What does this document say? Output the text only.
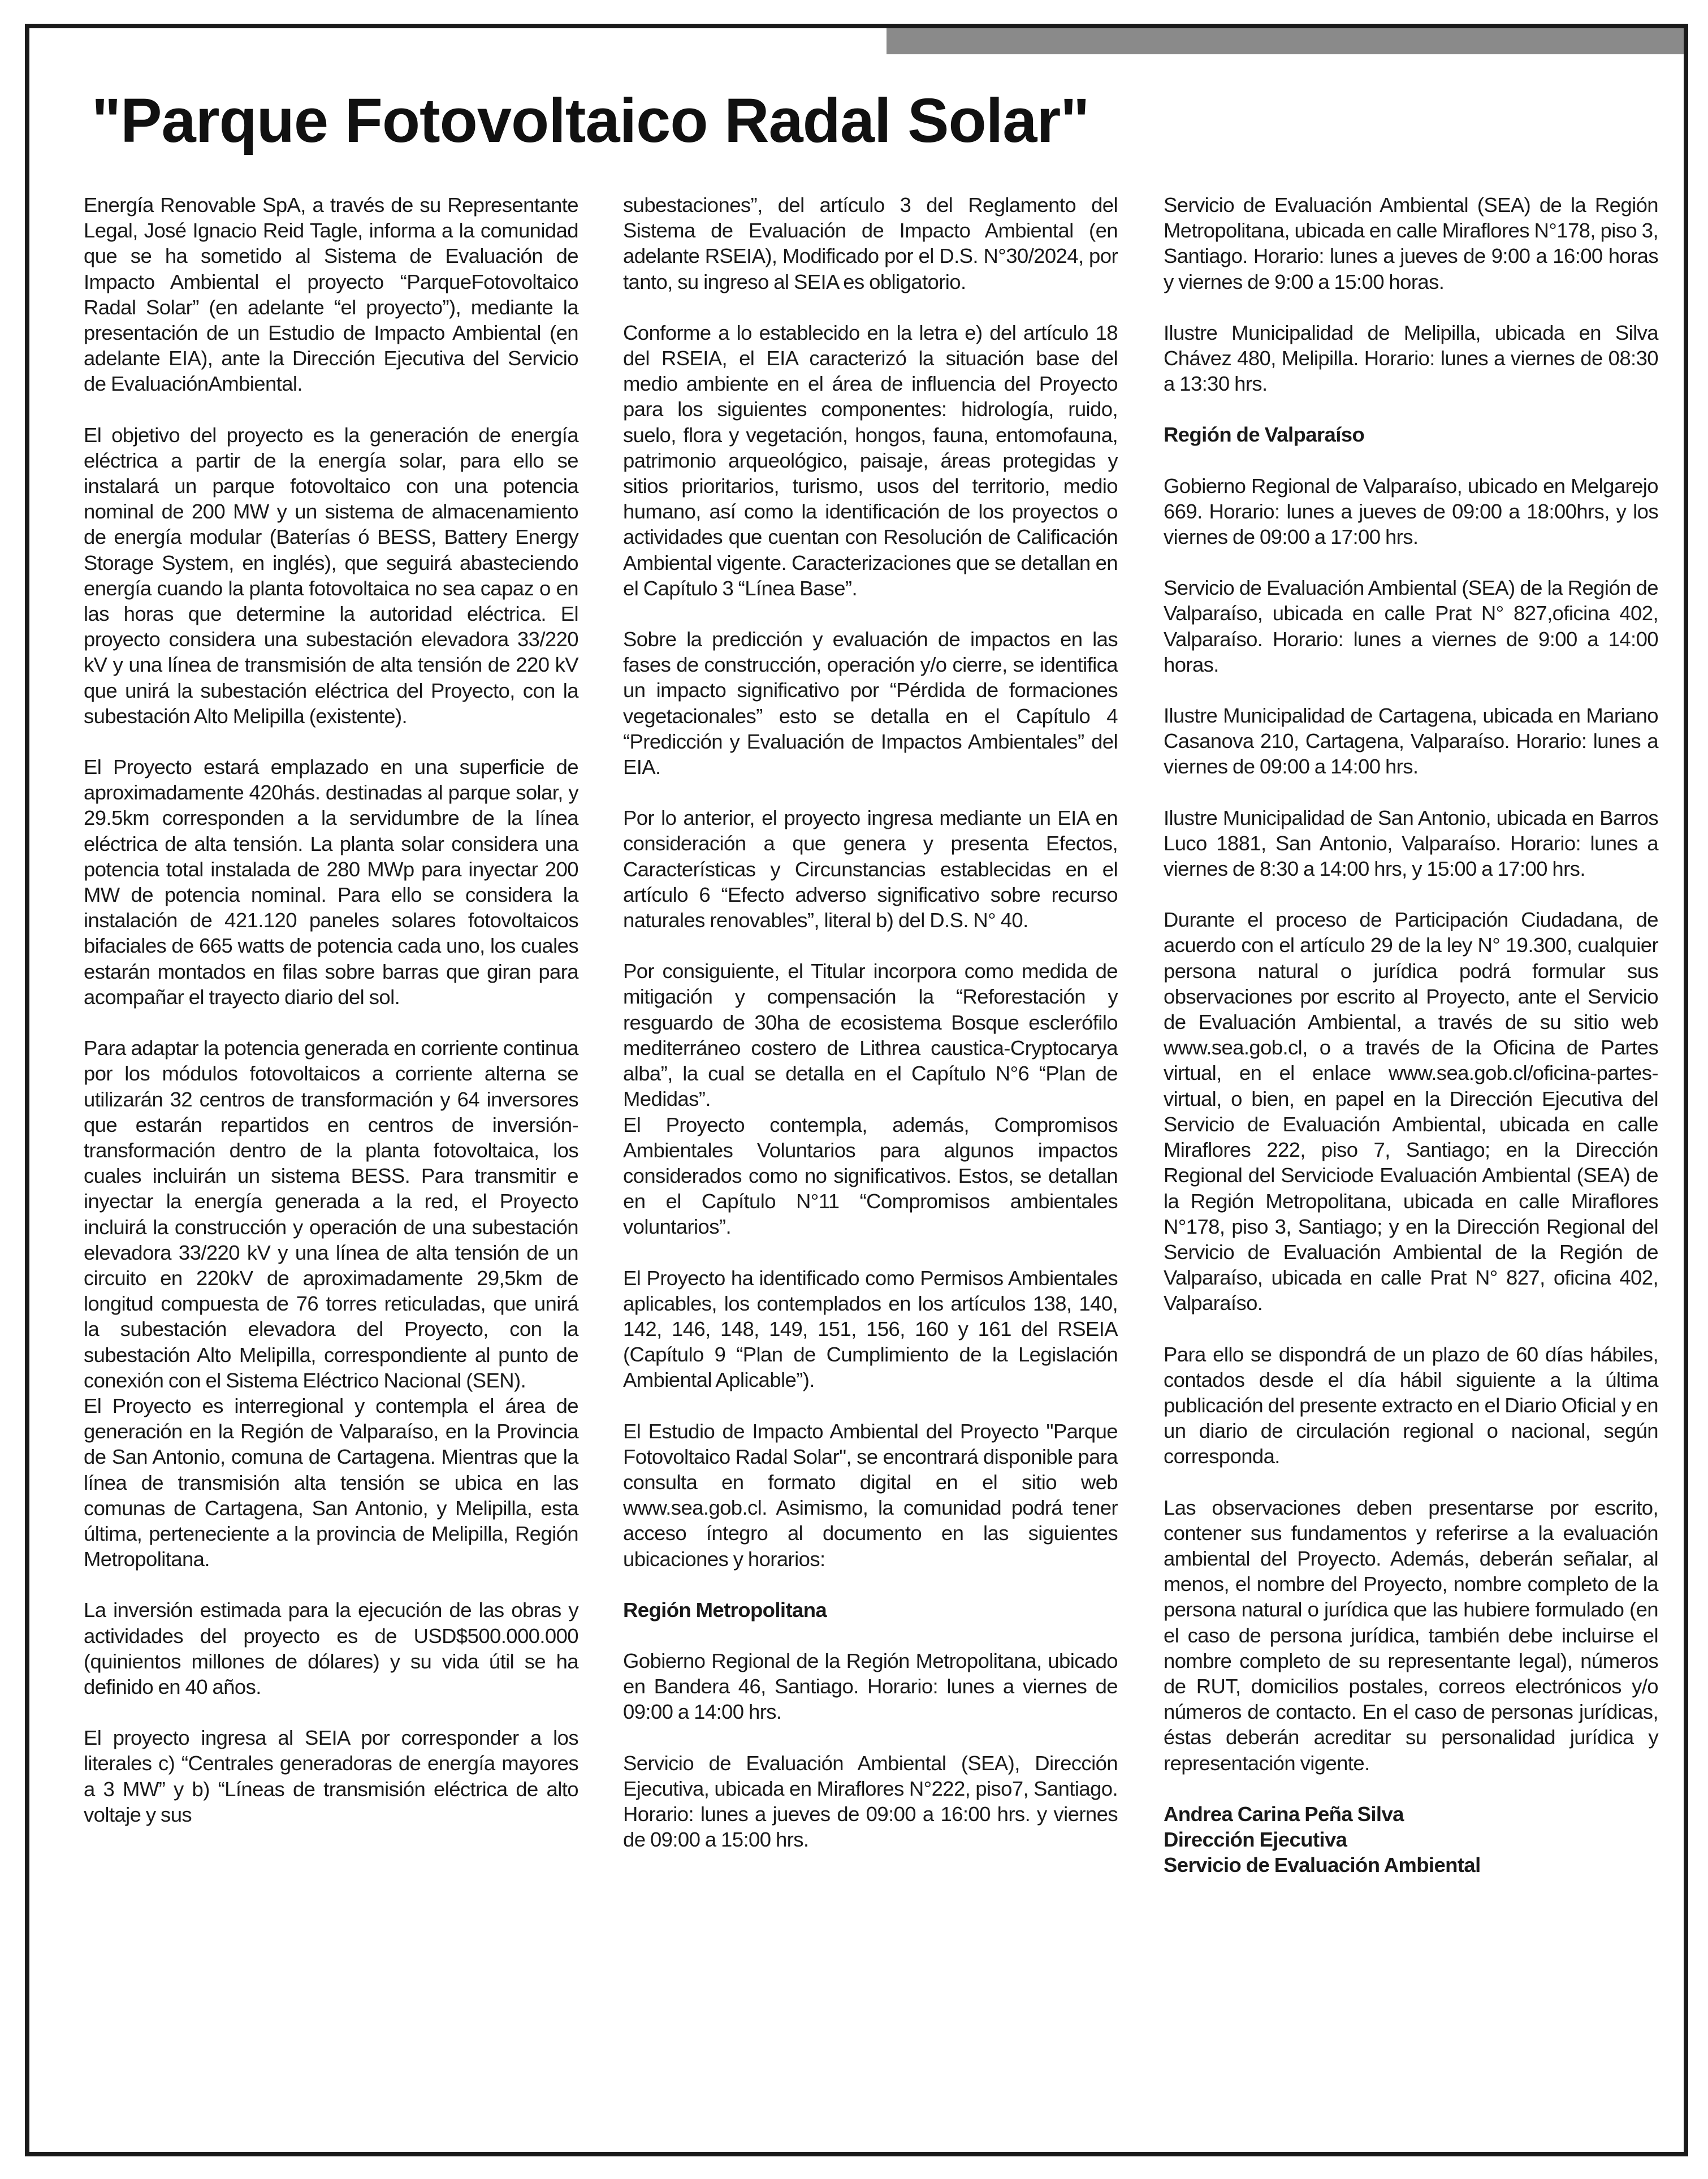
"Parque Fotovoltaico Radal Solar"

Energía Renovable SpA, a través de su Representante Legal, José Ignacio Reid Tagle, informa a la comunidad que se ha sometido al Sistema de Evaluación de Impacto Ambiental el proyecto “ParqueFotovoltaico Radal Solar” (en adelante “el proyecto”), mediante la presentación de un Estudio de Impacto Ambiental (en adelante EIA), ante la Dirección Ejecutiva del Servicio de EvaluaciónAmbiental.

El objetivo del proyecto es la generación de energía eléctrica a partir de la energía solar, para ello se instalará un parque fotovoltaico con una potencia nominal de 200 MW y un sistema de almacenamiento de energía modular (Baterías ó BESS, Battery Energy Storage System, en inglés), que seguirá abasteciendo energía cuando la planta fotovoltaica no sea capaz o en las horas que determine la autoridad eléctrica. El proyecto considera una subestación elevadora 33/220 kV y una línea de transmisión de alta tensión de 220 kV que unirá la subestación eléctrica del Proyecto, con la subestación Alto Melipilla (existente).

El Proyecto estará emplazado en una superficie de aproximadamente 420hás. destinadas al parque solar, y 29.5km corresponden a la servidumbre de la línea eléctrica de alta tensión. La planta solar considera una potencia total instalada de 280 MWp para inyectar 200 MW de potencia nominal. Para ello se considera la instalación de 421.120 paneles solares fotovoltaicos bifaciales de 665 watts de potencia cada uno, los cuales estarán montados en filas sobre barras que giran para acompañar el trayecto diario del sol.

Para adaptar la potencia generada en corriente continua por los módulos fotovoltaicos a corriente alterna se utilizarán 32 centros de transformación y 64 inversores que estarán repartidos en centros de inversión-transformación dentro de la planta fotovoltaica, los cuales incluirán un sistema BESS. Para transmitir e inyectar la energía generada a la red, el Proyecto incluirá la construcción y operación de una subestación elevadora 33/220 kV y una línea de alta tensión de un circuito en 220kV de aproximadamente 29,5km de longitud compuesta de 76 torres reticuladas, que unirá la subestación elevadora del Proyecto, con la subestación Alto Melipilla, correspondiente al punto de conexión con el Sistema Eléctrico Nacional (SEN).

El Proyecto es interregional y contempla el área de generación en la Región de Valparaíso, en la Provincia de San Antonio, comuna de Cartagena. Mientras que la línea de transmisión alta tensión se ubica en las comunas de Cartagena, San Antonio, y Melipilla, esta última, perteneciente a la provincia de Melipilla, Región Metropolitana.

La inversión estimada para la ejecución de las obras y actividades del proyecto es de USD$500.000.000 (quinientos millones de dólares) y su vida útil se ha definido en 40 años.

El proyecto ingresa al SEIA por corresponder a los literales c) “Centrales generadoras de energía mayores a 3 MW” y b) “Líneas de transmisión eléctrica de alto voltaje y sus

subestaciones”, del artículo 3 del Reglamento del Sistema de Evaluación de Impacto Ambiental (en adelante RSEIA), Modificado por el D.S. N°30/2024, por tanto, su ingreso al SEIA es obligatorio.

Conforme a lo establecido en la letra e) del artículo 18 del RSEIA, el EIA caracterizó la situación base del medio ambiente en el área de influencia del Proyecto para los siguientes componentes: hidrología, ruido, suelo, flora y vegetación, hongos, fauna, entomofauna, patrimonio arqueológico, paisaje, áreas protegidas y sitios prioritarios, turismo, usos del territorio, medio humano, así como la identificación de los proyectos o actividades que cuentan con Resolución de Calificación Ambiental vigente. Caracterizaciones que se detallan en el Capítulo 3 “Línea Base”.

Sobre la predicción y evaluación de impactos en las fases de construcción, operación y/o cierre, se identifica un impacto significativo por “Pérdida de formaciones vegetacionales” esto se detalla en el Capítulo 4 “Predicción y Evaluación de Impactos Ambientales” del EIA.

Por lo anterior, el proyecto ingresa mediante un EIA en consideración a que genera y presenta Efectos, Características y Circunstancias establecidas en el artículo 6 “Efecto adverso significativo sobre recurso naturales renovables”, literal b) del D.S. N° 40.

Por consiguiente, el Titular incorpora como medida de mitigación y compensación la “Reforestación y resguardo de 30ha de ecosistema Bosque esclerófilo mediterráneo costero de Lithrea caustica-Cryptocarya alba”, la cual se detalla en el Capítulo N°6 “Plan de Medidas”.

El Proyecto contempla, además, Compromisos Ambientales Voluntarios para algunos impactos considerados como no significativos. Estos, se detallan en el Capítulo N°11 “Compromisos ambientales voluntarios”.

El Proyecto ha identificado como Permisos Ambientales aplicables, los contemplados en los artículos 138, 140, 142, 146, 148, 149, 151, 156, 160 y 161 del RSEIA (Capítulo 9 “Plan de Cumplimiento de la Legislación Ambiental Aplicable”).

El Estudio de Impacto Ambiental del Proyecto "Parque Fotovoltaico Radal Solar", se encontrará disponible para consulta en formato digital en el sitio web www.sea.gob.cl. Asimismo, la comunidad podrá tener acceso íntegro al documento en las siguientes ubicaciones y horarios:

Región Metropolitana

Gobierno Regional de la Región Metropolitana, ubicado en Bandera 46, Santiago. Horario: lunes a viernes de 09:00 a 14:00 hrs.

Servicio de Evaluación Ambiental (SEA), Dirección Ejecutiva, ubicada en Miraflores N°222, piso7, Santiago. Horario: lunes a jueves de 09:00 a 16:00 hrs. y viernes de 09:00 a 15:00 hrs.

Servicio de Evaluación Ambiental (SEA) de la Región Metropolitana, ubicada en calle Miraflores N°178, piso 3, Santiago. Horario: lunes a jueves de 9:00 a 16:00 horas y viernes de 9:00 a 15:00 horas.

Ilustre Municipalidad de Melipilla, ubicada en Silva Chávez 480, Melipilla. Horario: lunes a viernes de 08:30 a 13:30 hrs.

Región de Valparaíso

Gobierno Regional de Valparaíso, ubicado en Melgarejo 669. Horario: lunes a jueves de 09:00 a 18:00hrs, y los viernes de 09:00 a 17:00 hrs.

Servicio de Evaluación Ambiental (SEA) de la Región de Valparaíso, ubicada en calle Prat N° 827,oficina 402, Valparaíso. Horario: lunes a viernes de 9:00 a 14:00 horas.

Ilustre Municipalidad de Cartagena, ubicada en Mariano Casanova 210, Cartagena, Valparaíso. Horario: lunes a viernes de 09:00 a 14:00 hrs.

Ilustre Municipalidad de San Antonio, ubicada en Barros Luco 1881, San Antonio, Valparaíso. Horario: lunes a viernes de 8:30 a 14:00 hrs, y 15:00 a 17:00 hrs.

Durante el proceso de Participación Ciudadana, de acuerdo con el artículo 29 de la ley N° 19.300, cualquier persona natural o jurídica podrá formular sus observaciones por escrito al Proyecto, ante el Servicio de Evaluación Ambiental, a través de su sitio web www.sea.gob.cl, o a través de la Oficina de Partes virtual, en el enlace www.sea.gob.cl/oficina-partes-virtual, o bien, en papel en la Dirección Ejecutiva del Servicio de Evaluación Ambiental, ubicada en calle Miraflores 222, piso 7, Santiago; en la Dirección Regional del Serviciode Evaluación Ambiental (SEA) de la Región Metropolitana, ubicada en calle Miraflores N°178, piso 3, Santiago; y en la Dirección Regional del Servicio de Evaluación Ambiental de la Región de Valparaíso, ubicada en calle Prat N° 827, oficina 402, Valparaíso.

Para ello se dispondrá de un plazo de 60 días hábiles, contados desde el día hábil siguiente a la última publicación del presente extracto en el Diario Oficial y en un diario de circulación regional o nacional, según corresponda.

Las observaciones deben presentarse por escrito, contener sus fundamentos y referirse a la evaluación ambiental del Proyecto. Además, deberán señalar, al menos, el nombre del Proyecto, nombre completo de la persona natural o jurídica que las hubiere formulado (en el caso de persona jurídica, también debe incluirse el nombre completo de su representante legal), números de RUT, domicilios postales, correos electrónicos y/o números de contacto. En el caso de personas jurídicas, éstas deberán acreditar su personalidad jurídica y representación vigente.

Andrea Carina Peña Silva
Dirección Ejecutiva
Servicio de Evaluación Ambiental
